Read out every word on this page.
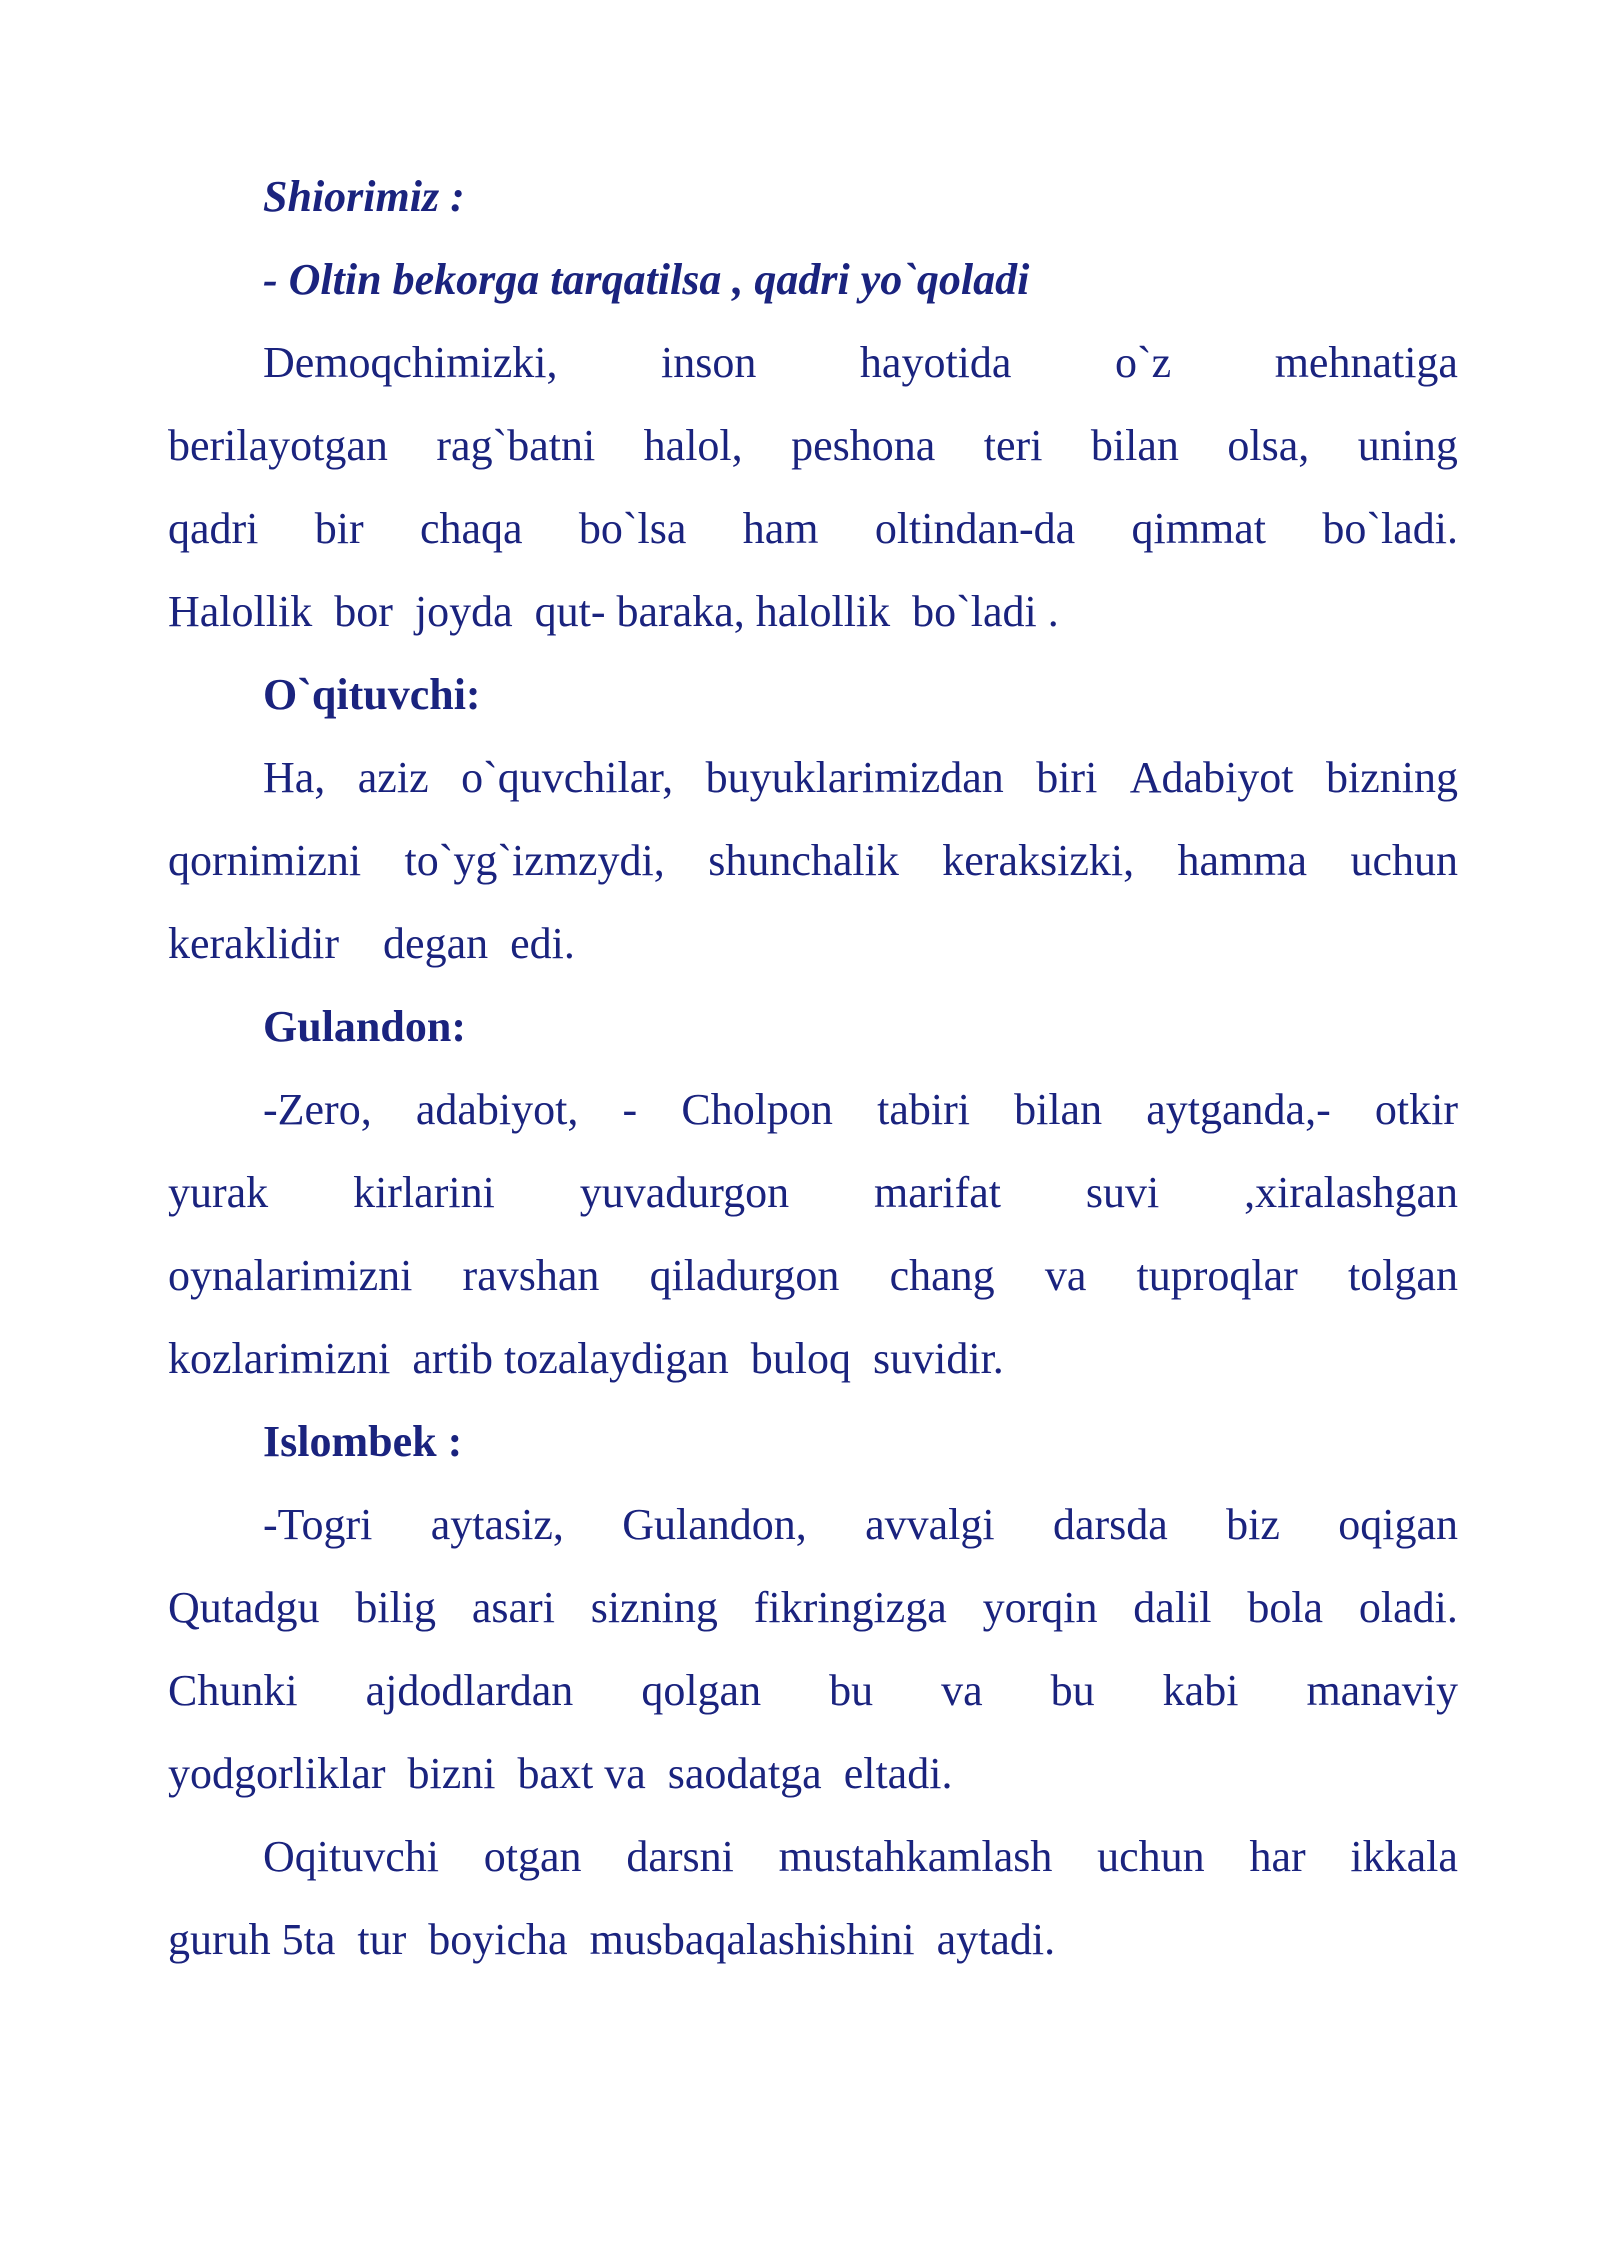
Shiorimiz :
- Oltin bekorga tarqatilsa , qadri yo`qoladi
Demoqchimizki, inson hayotida o`z mehnatiga
berilayotgan rag`batni halol, peshona teri bilan olsa, uning
qadri bir chaqa bo`lsa ham oltindan-da qimmat bo`ladi.
Halollik  bor  joyda  qut- baraka, halollik  bo`ladi .
O`qituvchi:
Ha, aziz o`quvchilar, buyuklarimizdan biri Adabiyot bizning
qornimizni to`yg`izmzydi, shunchalik keraksizki, hamma uchun
keraklidir    degan  edi.
Gulandon:
-Zero, adabiyot, - Cholpon tabiri bilan aytganda,- otkir
yurak kirlarini yuvadurgon marifat suvi ,xiralashgan
oynalarimizni ravshan qiladurgon chang va tuproqlar tolgan
kozlarimizni  artib tozalaydigan  buloq  suvidir.
Islombek :
-Togri aytasiz, Gulandon, avvalgi darsda biz oqigan
Qutadgu bilig asari sizning fikringizga yorqin dalil bola oladi.
Chunki ajdodlardan qolgan bu va bu kabi manaviy
yodgorliklar  bizni  baxt va  saodatga  eltadi.
Oqituvchi otgan darsni mustahkamlash uchun har ikkala
guruh 5ta  tur  boyicha  musbaqalashishini  aytadi.
